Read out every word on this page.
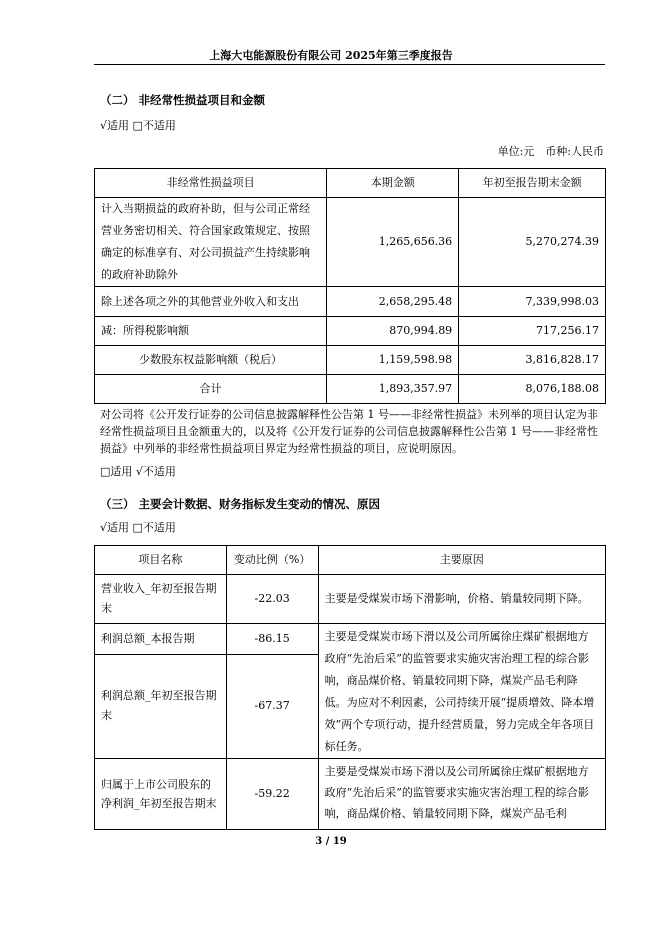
上海大屯能源股份有限公司 2025年第三季度报告
（二） 非经常性损益项目和金额
√适用 □不适用
单位:元　币种:人民币
非经常性损益项目	本期金额	年初至报告期末金额
计入当期损益的政府补助，但与公司正常经营业务密切相关、符合国家政策规定、按照确定的标准享有、对公司损益产生持续影响的政府补助除外	1,265,656.36	5,270,274.39
除上述各项之外的其他营业外收入和支出	2,658,295.48	7,339,998.03
减：所得税影响额	870,994.89	717,256.17
少数股东权益影响额（税后）	1,159,598.98	3,816,828.17
合计	1,893,357.97	8,076,188.08
对公司将《公开发行证券的公司信息披露解释性公告第 1 号——非经常性损益》未列举的项目认定为非经常性损益项目且金额重大的，以及将《公开发行证券的公司信息披露解释性公告第 1 号——非经常性损益》中列举的非经常性损益项目界定为经常性损益的项目，应说明原因。
□适用 √不适用
（三） 主要会计数据、财务指标发生变动的情况、原因
√适用 □不适用
项目名称	变动比例（%）	主要原因
营业收入_年初至报告期末	-22.03	主要是受煤炭市场下滑影响，价格、销量较同期下降。
利润总额_本报告期	-86.15	主要是受煤炭市场下滑以及公司所属徐庄煤矿根据地方政府“先治后采”的监管要求实施灾害治理工程的综合影响，商品煤价格、销量较同期下降，煤炭产品毛利降低。为应对不利因素，公司持续开展“提质增效、降本增效”两个专项行动，提升经营质量，努力完成全年各项目标任务。
利润总额_年初至报告期末	-67.37	
归属于上市公司股东的净利润_年初至报告期末	-59.22	主要是受煤炭市场下滑以及公司所属徐庄煤矿根据地方政府“先治后采”的监管要求实施灾害治理工程的综合影响，商品煤价格、销量较同期下降，煤炭产品毛利
3 / 19
